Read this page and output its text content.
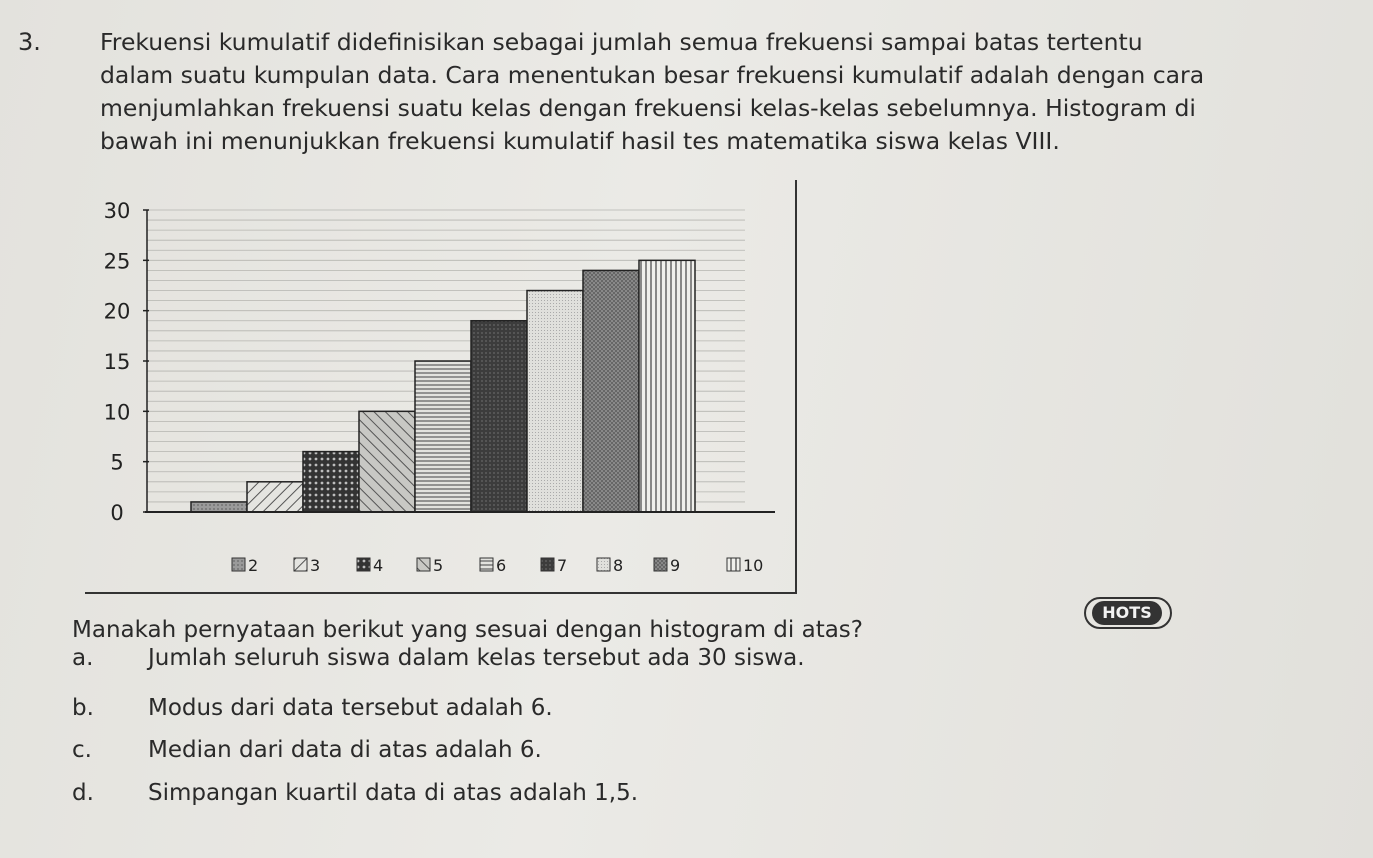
3.	Frekuensi kumulatif didefinisikan sebagai jumlah semua frekuensi sampai batas tertentu
dalam suatu kumpulan data. Cara menentukan besar frekuensi kumulatif adalah dengan cara
menjumlahkan frekuensi suatu kelas dengan frekuensi kelas-kelas sebelumnya. Histogram di
bawah ini menunjukkan frekuensi kumulatif hasil tes matematika siswa kelas VIII.
0
5
10
15
20
25
30
2	3	4	5	6	7	8	9	10
Manakah pernyataan berikut yang sesuai dengan histogram di atas?
HOTS
a. Jumlah seluruh siswa dalam kelas tersebut ada 30 siswa.
b. Modus dari data tersebut adalah 6.
c. Median dari data di atas adalah 6.
d. Simpangan kuartil data di atas adalah 1,5.
